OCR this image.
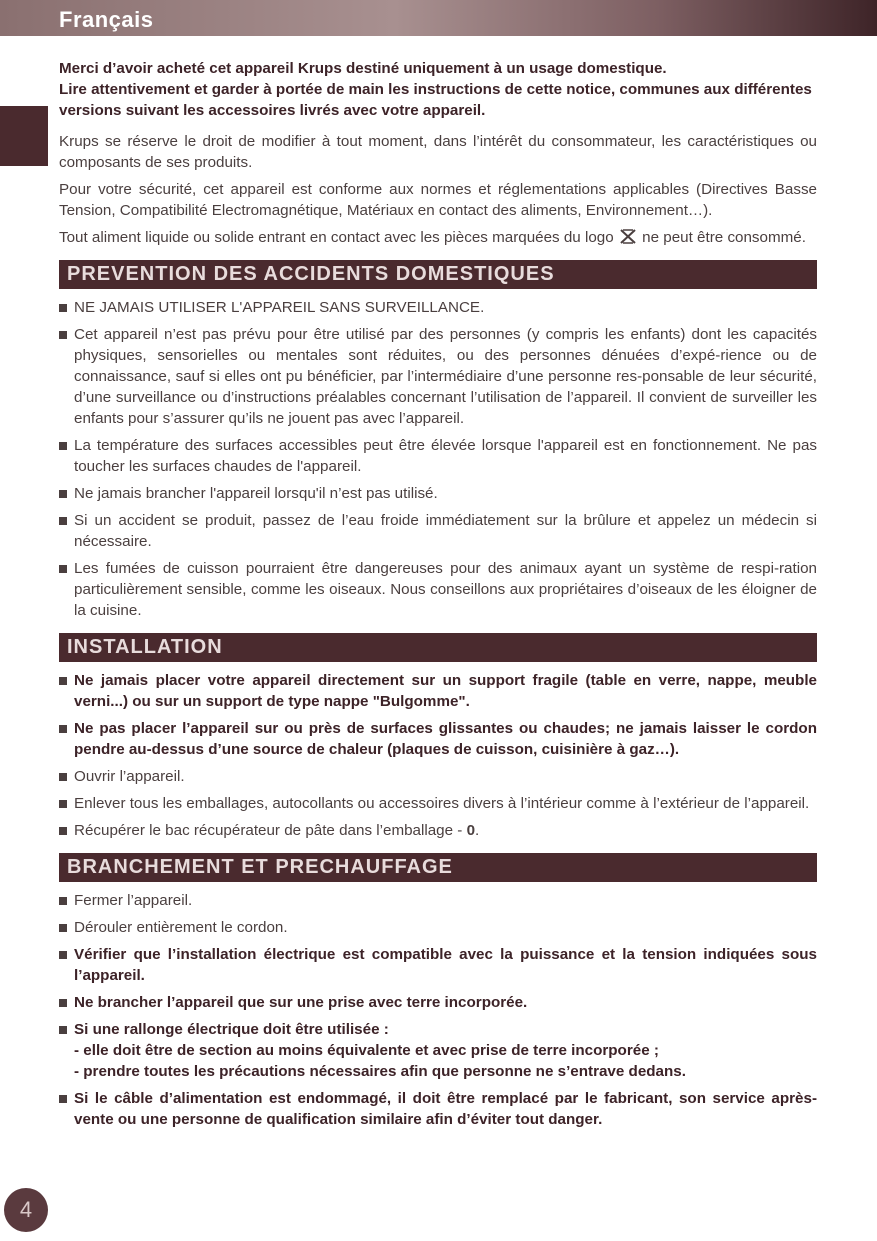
Français
Merci d’avoir acheté cet appareil Krups destiné uniquement à un usage domestique.
Lire attentivement et garder à portée de main les instructions de cette notice, communes aux différentes versions suivant les accessoires livrés avec votre appareil.

Krups se réserve le droit de modifier à tout moment, dans l’intérêt du consommateur, les caractéristiques ou composants de ses produits.

Pour votre sécurité, cet appareil est conforme aux normes et réglementations applicables (Directives Basse Tension, Compatibilité Electromagnétique, Matériaux en contact des aliments, Environnement…).

Tout aliment liquide ou solide entrant en contact avec les pièces marquées du logo ne peut être consommé.

PREVENTION DES ACCIDENTS DOMESTIQUES
NE JAMAIS UTILISER L'APPAREIL SANS SURVEILLANCE.
Cet appareil n’est pas prévu pour être utilisé par des personnes (y compris les enfants) dont les capacités physiques, sensorielles ou mentales sont réduites, ou des personnes dénuées d’expé-rience ou de connaissance, sauf si elles ont pu bénéficier, par l’intermédiaire d’une personne res-ponsable de leur sécurité, d’une surveillance ou d’instructions préalables concernant l’utilisation de l’appareil. Il convient de surveiller les enfants pour s’assurer qu’ils ne jouent pas avec l’appareil.
La température des surfaces accessibles peut être élevée lorsque l'appareil est en fonctionnement. Ne pas toucher les surfaces chaudes de l'appareil.
Ne jamais brancher l'appareil lorsqu'il n’est pas utilisé.
Si un accident se produit, passez de l’eau froide immédiatement sur la brûlure et appelez un médecin si nécessaire.
Les fumées de cuisson pourraient être dangereuses pour des animaux ayant un système de respi-ration particulièrement sensible, comme les oiseaux. Nous conseillons aux propriétaires d’oiseaux de les éloigner de la cuisine.
INSTALLATION
Ne jamais placer votre appareil directement sur un support fragile (table en verre, nappe, meuble verni...) ou sur un support de type nappe "Bulgomme".
Ne pas placer l’appareil sur ou près de surfaces glissantes ou chaudes; ne jamais laisser le cordon pendre au-dessus d’une source de chaleur (plaques de cuisson, cuisinière à gaz…).
Ouvrir l’appareil.
Enlever tous les emballages, autocollants ou accessoires divers à l’intérieur comme à l’extérieur de l’appareil.
Récupérer le bac récupérateur de pâte dans l’emballage - 0.
BRANCHEMENT ET PRECHAUFFAGE
Fermer l’appareil.
Dérouler entièrement le cordon.
Vérifier que l’installation électrique est compatible avec la puissance et la tension indiquées sous l’appareil.
Ne brancher l’appareil que sur une prise avec terre incorporée.
Si une rallonge électrique doit être utilisée :
- elle doit être de section au moins équivalente et avec prise de terre incorporée ;
- prendre toutes les précautions nécessaires afin que personne ne s’entrave dedans.
Si le câble d’alimentation est endommagé, il doit être remplacé par le fabricant, son service après-vente ou une personne de qualification similaire afin d’éviter tout danger.
4
